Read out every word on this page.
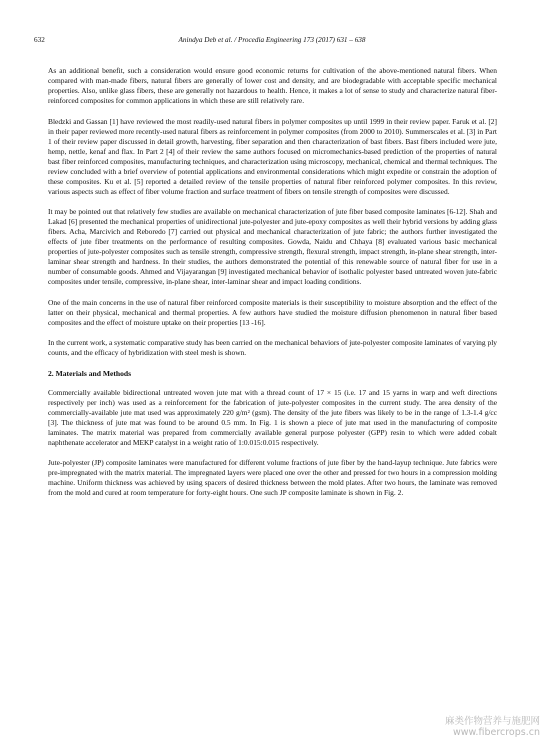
632	Anindya Deb et al. / Procedia Engineering 173 (2017) 631 – 638

As an additional benefit, such a consideration would ensure good economic returns for cultivation of the above-mentioned natural fibers. When compared with man-made fibers, natural fibers are generally of lower cost and density, and are biodegradable with acceptable specific mechanical properties. Also, unlike glass fibers, these are generally not hazardous to health. Hence, it makes a lot of sense to study and characterize natural fiber-reinforced composites for common applications in which these are still relatively rare.

Bledzki and Gassan [1] have reviewed the most readily-used natural fibers in polymer composites up until 1999 in their review paper. Faruk et al. [2] in their paper reviewed more recently-used natural fibers as reinforcement in polymer composites (from 2000 to 2010). Summerscales et al. [3] in Part 1 of their review paper discussed in detail growth, harvesting, fiber separation and then characterization of bast fibers. Bast fibers included were jute, hemp, nettle, kenaf and flax. In Part 2 [4] of their review the same authors focused on micromechanics-based prediction of the properties of natural bast fiber reinforced composites, manufacturing techniques, and characterization using microscopy, mechanical, chemical and thermal techniques. The review concluded with a brief overview of potential applications and environmental considerations which might expedite or constrain the adoption of these composites. Ku et al. [5] reported a detailed review of the tensile properties of natural fiber reinforced polymer composites. In this review, various aspects such as effect of fiber volume fraction and surface treatment of fibers on tensile strength of composites were discussed.

It may be pointed out that relatively few studies are available on mechanical characterization of jute fiber based composite laminates [6-12]. Shah and Lakad [6] presented the mechanical properties of unidirectional jute-polyester and jute-epoxy composites as well their hybrid versions by adding glass fibers. Acha, Marcivich and Reboredo [7] carried out physical and mechanical characterization of jute fabric; the authors further investigated the effects of jute fiber treatments on the performance of resulting composites. Gowda, Naidu and Chhaya [8] evaluated various basic mechanical properties of jute-polyester composites such as tensile strength, compressive strength, flexural strength, impact strength, in-plane shear strength, inter-laminar shear strength and hardness. In their studies, the authors demonstrated the potential of this renewable source of natural fiber for use in a number of consumable goods. Ahmed and Vijayarangan [9] investigated mechanical behavior of isothalic polyester based untreated woven jute-fabric composites under tensile, compressive, in-plane shear, inter-laminar shear and impact loading conditions.

One of the main concerns in the use of natural fiber reinforced composite materials is their susceptibility to moisture absorption and the effect of the latter on their physical, mechanical and thermal properties. A few authors have studied the moisture diffusion phenomenon in natural fiber based composites and the effect of moisture uptake on their properties [13 -16].

In the current work, a systematic comparative study has been carried on the mechanical behaviors of jute-polyester composite laminates of varying ply counts, and the efficacy of hybridization with steel mesh is shown.

2. Materials and Methods

Commercially available bidirectional untreated woven jute mat with a thread count of 17 × 15 (i.e. 17 and 15 yarns in warp and weft directions respectively per inch) was used as a reinforcement for the fabrication of jute-polyester composites in the current study. The area density of the commercially-available jute mat used was approximately 220 g/m² (gsm). The density of the jute fibers was likely to be in the range of 1.3-1.4 g/cc [3]. The thickness of jute mat was found to be around 0.5 mm. In Fig. 1 is shown a piece of jute mat used in the manufacturing of composite laminates. The matrix material was prepared from commercially available general purpose polyester (GPP) resin to which were added cobalt naphthenate accelerator and MEKP catalyst in a weight ratio of 1:0.015:0.015 respectively.

Jute-polyester (JP) composite laminates were manufactured for different volume fractions of jute fiber by the hand-layup technique. Jute fabrics were pre-impregnated with the matrix material. The impregnated layers were placed one over the other and pressed for two hours in a compression molding machine. Uniform thickness was achieved by using spacers of desired thickness between the mold plates. After two hours, the laminate was removed from the mold and cured at room temperature for forty-eight hours. One such JP composite laminate is shown in Fig. 2.

麻类作物营养与施肥网
www.fibercrops.cn
